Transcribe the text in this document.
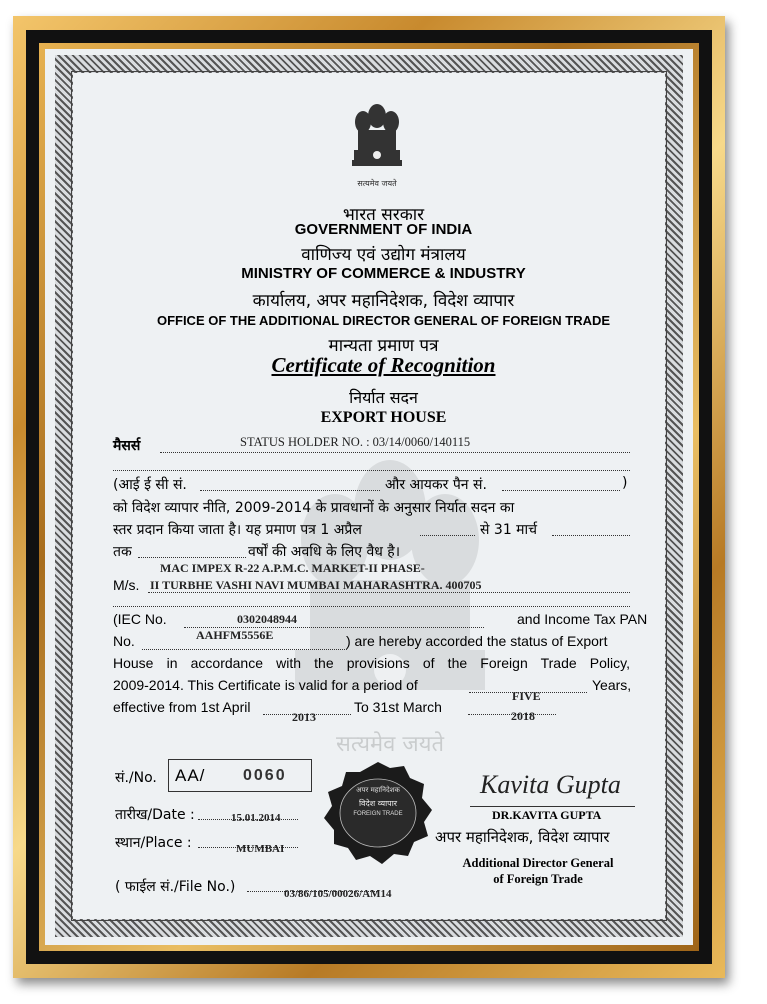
सत्यमेव जयते
सत्यमेव जयते
भारत सरकार
GOVERNMENT OF INDIA
वाणिज्य एवं उद्योग मंत्रालय
MINISTRY OF COMMERCE & INDUSTRY
कार्यालय, अपर महानिदेशक, विदेश व्यापार
OFFICE OF THE ADDITIONAL DIRECTOR GENERAL OF FOREIGN TRADE
मान्यता प्रमाण पत्र
Certificate of Recognition
निर्यात सदन
EXPORT HOUSE
मैसर्स	STATUS HOLDER NO. : 03/14/0060/140115
(आई ई सी सं.	और आयकर पैन सं.	)
को विदेश व्यापार नीति, 2009-2014 के प्रावधानों के अनुसार निर्यात सदन का
स्तर प्रदान किया जाता है। यह प्रमाण पत्र 1 अप्रैल	से 31 मार्च
तक	वर्षों की अवधि के लिए वैध है।
MAC IMPEX R-22 A.P.M.C. MARKET-II PHASE-
M/s. II TURBHE VASHI NAVI MUMBAI MAHARASHTRA. 400705
(IEC No.	0302048944	and Income Tax PAN
No.	AAHFM5556E	) are hereby accorded the status of Export
House in accordance with the provisions of the Foreign Trade Policy,
2009-2014. This Certificate is valid for a period of
FIVE
Years,
effective from 1st April
2013
To 31st March
2018
सं./No. AA/ 0060
तारीख/Date :	15.01.2014
स्थान/Place :	MUMBAI
( फाईल सं./File No.)	03/86/105/00026/AM14
अपर महानिदेशक
विदेश व्यापार
FOREIGN TRADE
Kavita Gupta
DR.KAVITA GUPTA
अपर महानिदेशक, विदेश व्यापार
Additional Director General
of Foreign Trade
